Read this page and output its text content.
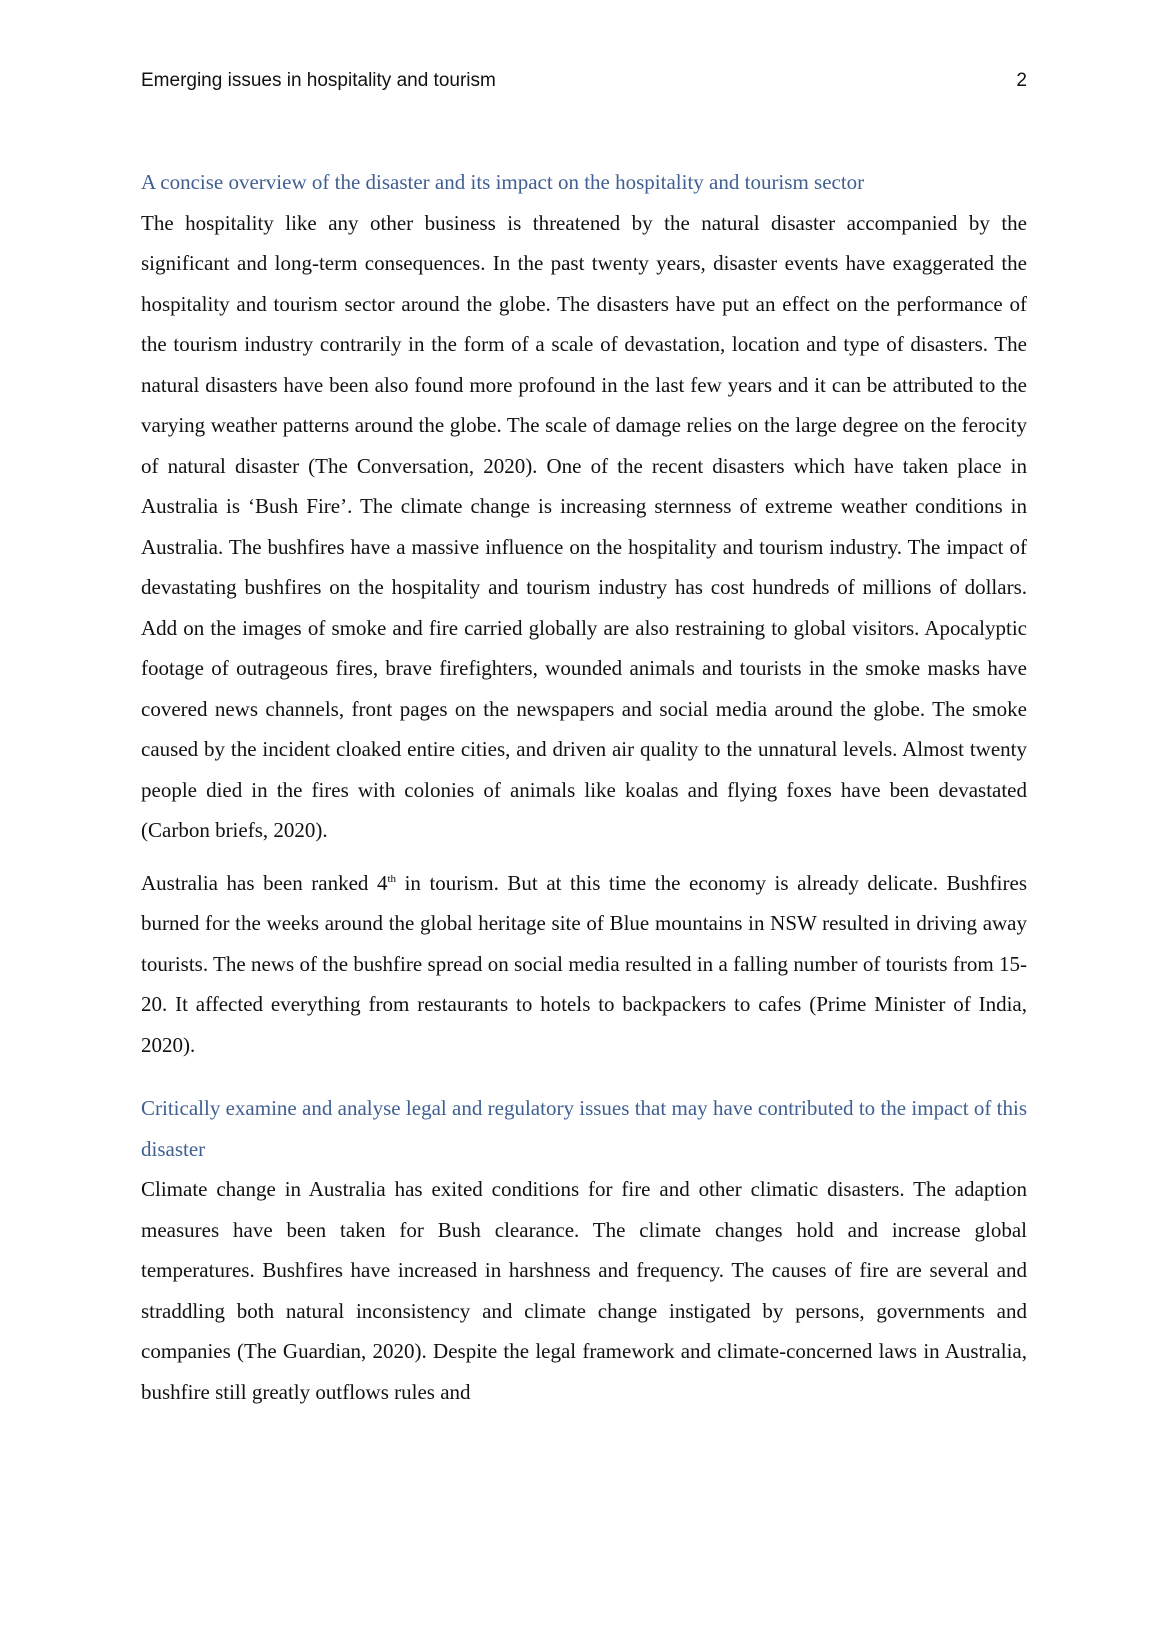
Emerging issues in hospitality and tourism	2
A concise overview of the disaster and its impact on the hospitality and tourism sector

The hospitality like any other business is threatened by the natural disaster accompanied by the significant and long-term consequences. In the past twenty years, disaster events have exaggerated the hospitality and tourism sector around the globe. The disasters have put an effect on the performance of the tourism industry contrarily in the form of a scale of devastation, location and type of disasters. The natural disasters have been also found more profound in the last few years and it can be attributed to the varying weather patterns around the globe. The scale of damage relies on the large degree on the ferocity of natural disaster (The Conversation, 2020). One of the recent disasters which have taken place in Australia is ‘Bush Fire’. The climate change is increasing sternness of extreme weather conditions in Australia. The bushfires have a massive influence on the hospitality and tourism industry. The impact of devastating bushfires on the hospitality and tourism industry has cost hundreds of millions of dollars. Add on the images of smoke and fire carried globally are also restraining to global visitors. Apocalyptic footage of outrageous fires, brave firefighters, wounded animals and tourists in the smoke masks have covered news channels, front pages on the newspapers and social media around the globe. The smoke caused by the incident cloaked entire cities, and driven air quality to the unnatural levels. Almost twenty people died in the fires with colonies of animals like koalas and flying foxes have been devastated (Carbon briefs, 2020).

Australia has been ranked 4th in tourism. But at this time the economy is already delicate. Bushfires burned for the weeks around the global heritage site of Blue mountains in NSW resulted in driving away tourists. The news of the bushfire spread on social media resulted in a falling number of tourists from 15-20. It affected everything from restaurants to hotels to backpackers to cafes (Prime Minister of India, 2020).

Critically examine and analyse legal and regulatory issues that may have contributed to the impact of this disaster

Climate change in Australia has exited conditions for fire and other climatic disasters. The adaption measures have been taken for Bush clearance. The climate changes hold and increase global temperatures. Bushfires have increased in harshness and frequency. The causes of fire are several and straddling both natural inconsistency and climate change instigated by persons, governments and companies (The Guardian, 2020). Despite the legal framework and climate-concerned laws in Australia, bushfire still greatly outflows rules and
